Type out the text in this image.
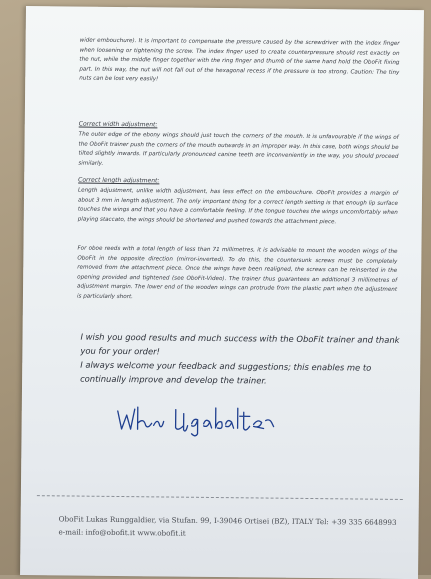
wider embouchure). It is important to compensate the pressure caused by the screwdriver with the index finger when loosening or tightening the screw. The index finger used to create counterpressure should rest exactly on the nut, while the middle finger together with the ring finger and thumb of the same hand hold the ObоFit fixing part. In this way, the nut will not fall out of the hexagonal recess if the pressure is too strong. Caution: The tiny nuts can be lost very easily!

Correct width adjustment:

The outer edge of the ebony wings should just touch the corners of the mouth. It is unfavourable if the wings of the ObоFit trainer push the corners of the mouth outwards in an improper way. In this case, both wings should be tilted slightly inwards. If particularly pronounced canine teeth are inconveniently in the way, you should proceed similarly.

Correct length adjustment:

Length adjustment, unlike width adjustment, has less effect on the embouchure. ObоFit provides a margin of about 3 mm in length adjustment. The only important thing for a correct length setting is that enough lip surface touches the wings and that you have a comfortable feeling. If the tongue touches the wings uncomfortably when playing staccato, the wings should be shortened and pushed towards the attachment piece.

For oboe reeds with a total length of less than 71 millimetres, it is advisable to mount the wooden wings of the ObоFit in the opposite direction (mirror-inverted). To do this, the countersunk screws must be completely removed from the attachment piece. Once the wings have been realigned, the screws can be reinserted in the opening provided and tightened (see ObоFit-Video). The trainer thus guarantees an additional 3 millimetres of adjustment margin. The lower end of the wooden wings can protrude from the plastic part when the adjustment is particularly short.

I wish you good results and much success with the ObоFit trainer and thank you for your order!

I always welcome your feedback and suggestions; this enables me to continually improve and develop the trainer.

ObоFit Lukas Runggaldier, via Stufan. 99, I-39046 Ortisei (BZ), ITALY Tel: +39 335 6648993

e-mail: info@obofit.it www.obofit.it
